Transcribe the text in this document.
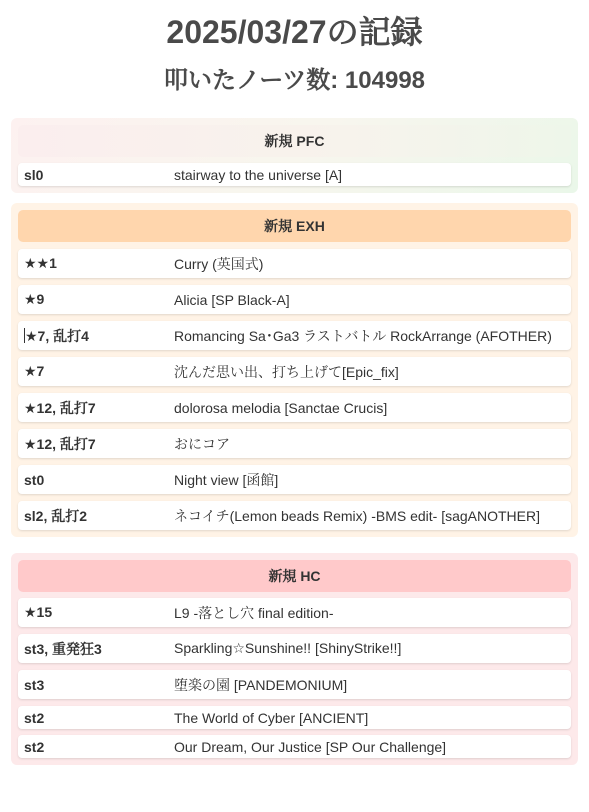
2025/03/27の記録
叩いたノーツ数: 104998
新規 PFC
sl0	stairway to the universe [A]
新規 EXH
★★1	Curry (英国式)
★9	Alicia [SP Black-A]
★7, 乱打4	Romancing Sa･Ga3 ラストバトル RockArrange (AFOTHER)
★7	沈んだ思い出、打ち上げて[Epic_fix]
★12, 乱打7	dolorosa melodia [Sanctae Crucis]
★12, 乱打7	おにコア
st0	Night view [函館]
sl2, 乱打2	ネコイチ(Lemon beads Remix) -BMS edit- [sagANOTHER]
新規 HC
★15	L9 -落とし穴 final edition-
st3, 重発狂3	Sparkling☆Sunshine!! [ShinyStrike!!]
st3	堕楽の園 [PANDEMONIUM]
st2	The World of Cyber [ANCIENT]
st2	Our Dream, Our Justice [SP Our Challenge]
